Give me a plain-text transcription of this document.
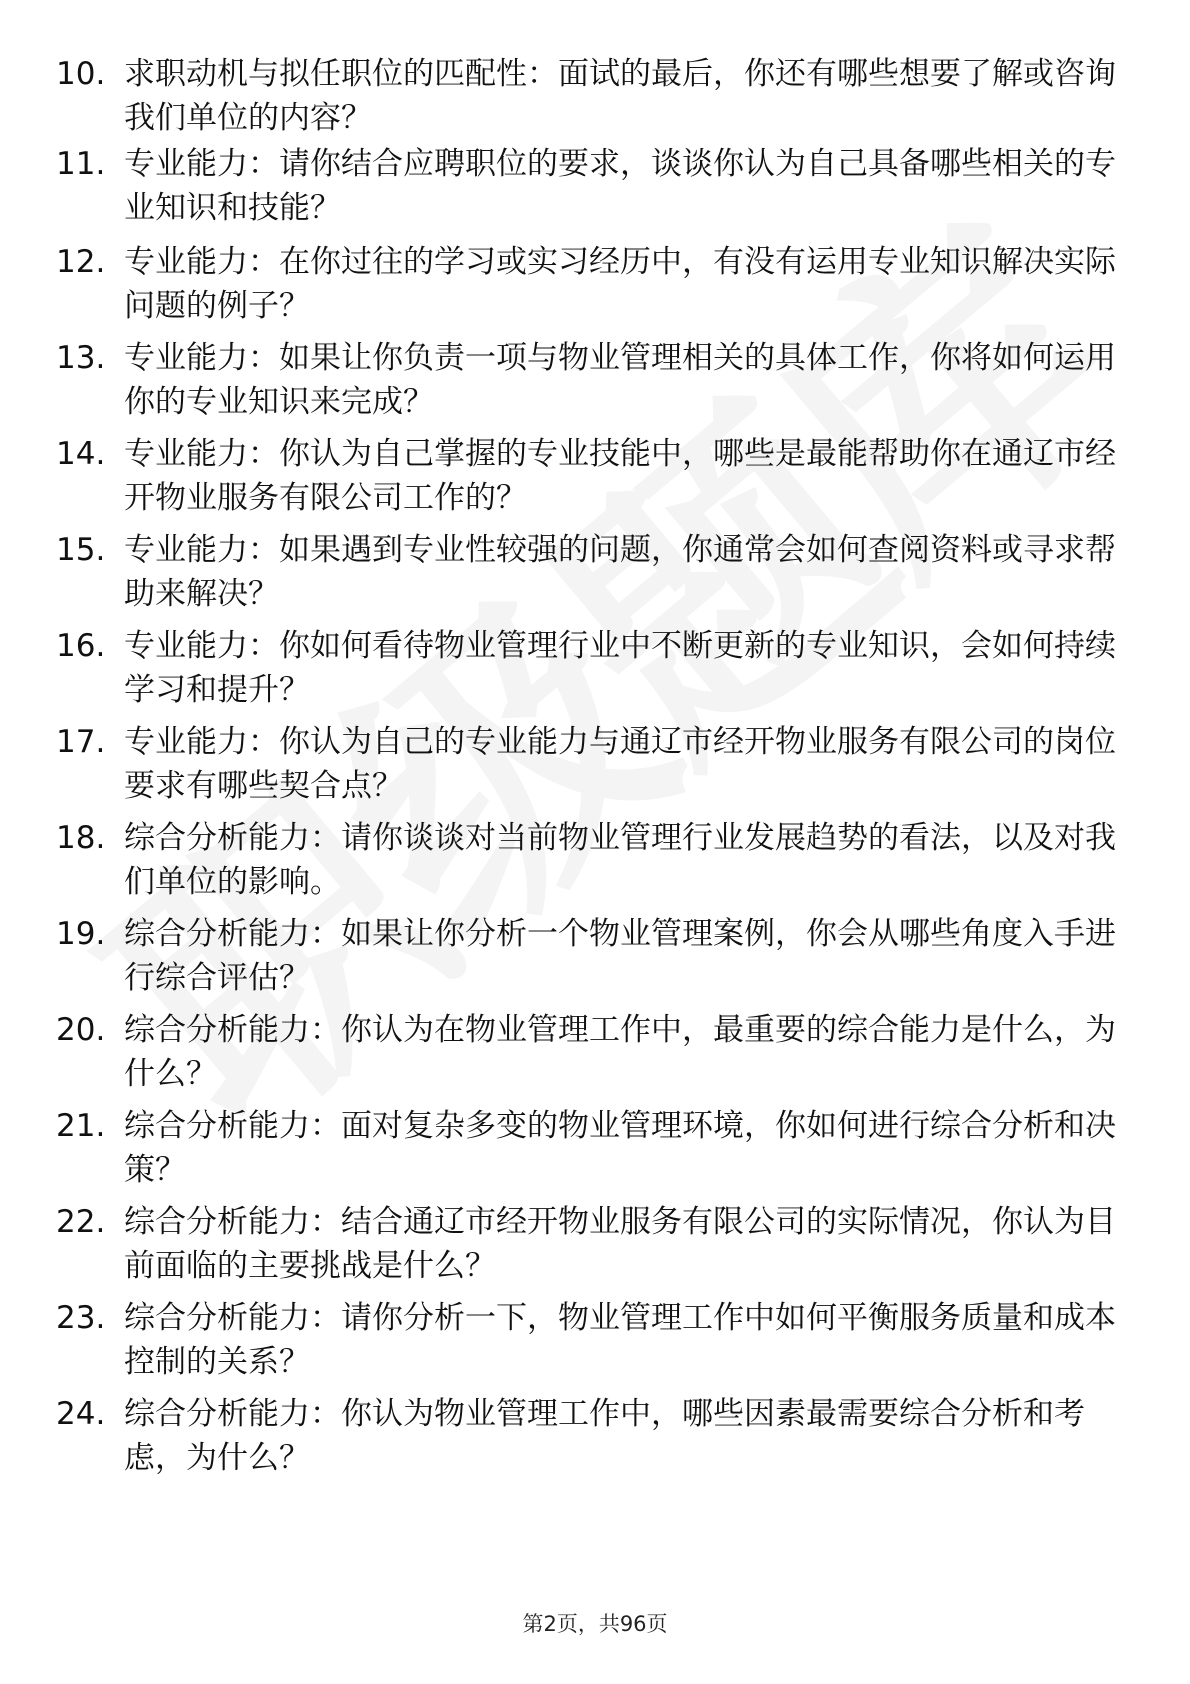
10. 求职动机与拟任职位的匹配性：面试的最后，你还有哪些想要了解或咨询我们单位的内容？
11. 专业能力：请你结合应聘职位的要求，谈谈你认为自己具备哪些相关的专业知识和技能？
12. 专业能力：在你过往的学习或实习经历中，有没有运用专业知识解决实际问题的例子？
13. 专业能力：如果让你负责一项与物业管理相关的具体工作，你将如何运用你的专业知识来完成？
14. 专业能力：你认为自己掌握的专业技能中，哪些是最能帮助你在通辽市经开物业服务有限公司工作的？
15. 专业能力：如果遇到专业性较强的问题，你通常会如何查阅资料或寻求帮助来解决？
16. 专业能力：你如何看待物业管理行业中不断更新的专业知识，会如何持续学习和提升？
17. 专业能力：你认为自己的专业能力与通辽市经开物业服务有限公司的岗位要求有哪些契合点？
18. 综合分析能力：请你谈谈对当前物业管理行业发展趋势的看法，以及对我们单位的影响。
19. 综合分析能力：如果让你分析一个物业管理案例，你会从哪些角度入手进行综合评估？
20. 综合分析能力：你认为在物业管理工作中，最重要的综合能力是什么，为什么？
21. 综合分析能力：面对复杂多变的物业管理环境，你如何进行综合分析和决策？
22. 综合分析能力：结合通辽市经开物业服务有限公司的实际情况，你认为目前面临的主要挑战是什么？
23. 综合分析能力：请你分析一下，物业管理工作中如何平衡服务质量和成本控制的关系？
24. 综合分析能力：你认为物业管理工作中，哪些因素最需要综合分析和考虑，为什么？
第2页，共96页
